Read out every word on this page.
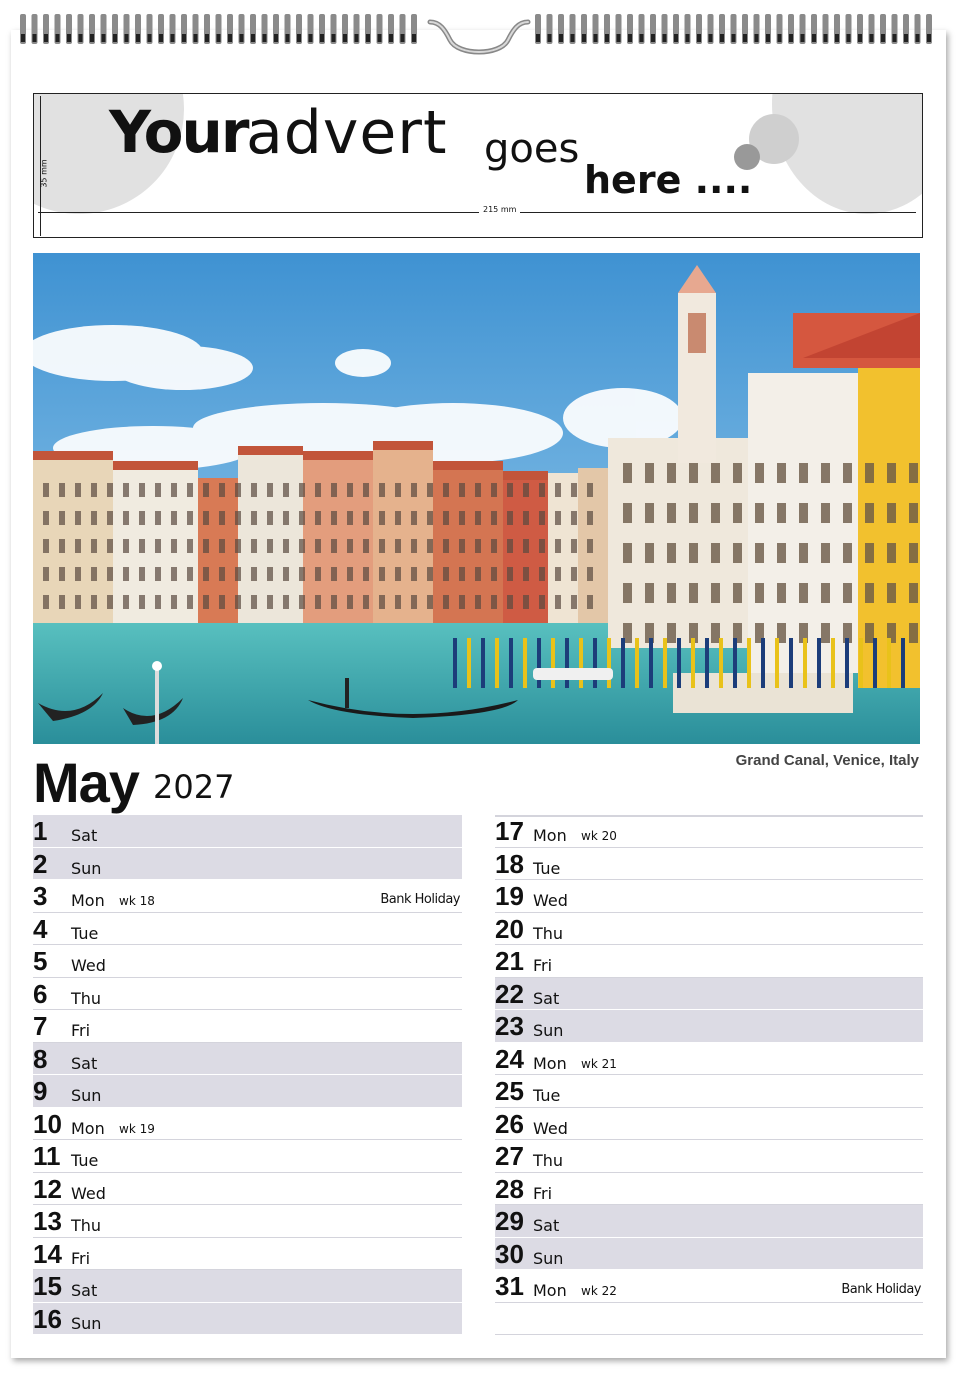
Your
advert goes
here ....
215 mm
35 mm
Grand Canal, Venice, Italy
May 2027
1 Sat
2 Sun
3 Mon wk 18	Bank Holiday
4 Tue
5 Wed
6 Thu
7 Fri
8 Sat
9 Sun
10 Mon wk 19
11 Tue
12 Wed
13 Thu
14 Fri
15 Sat
16 Sun
17 Mon wk 20
18 Tue
19 Wed
20 Thu
21 Fri
22 Sat
23 Sun
24 Mon wk 21
25 Tue
26 Wed
27 Thu
28 Fri
29 Sat
30 Sun
31 Mon wk 22	Bank Holiday
